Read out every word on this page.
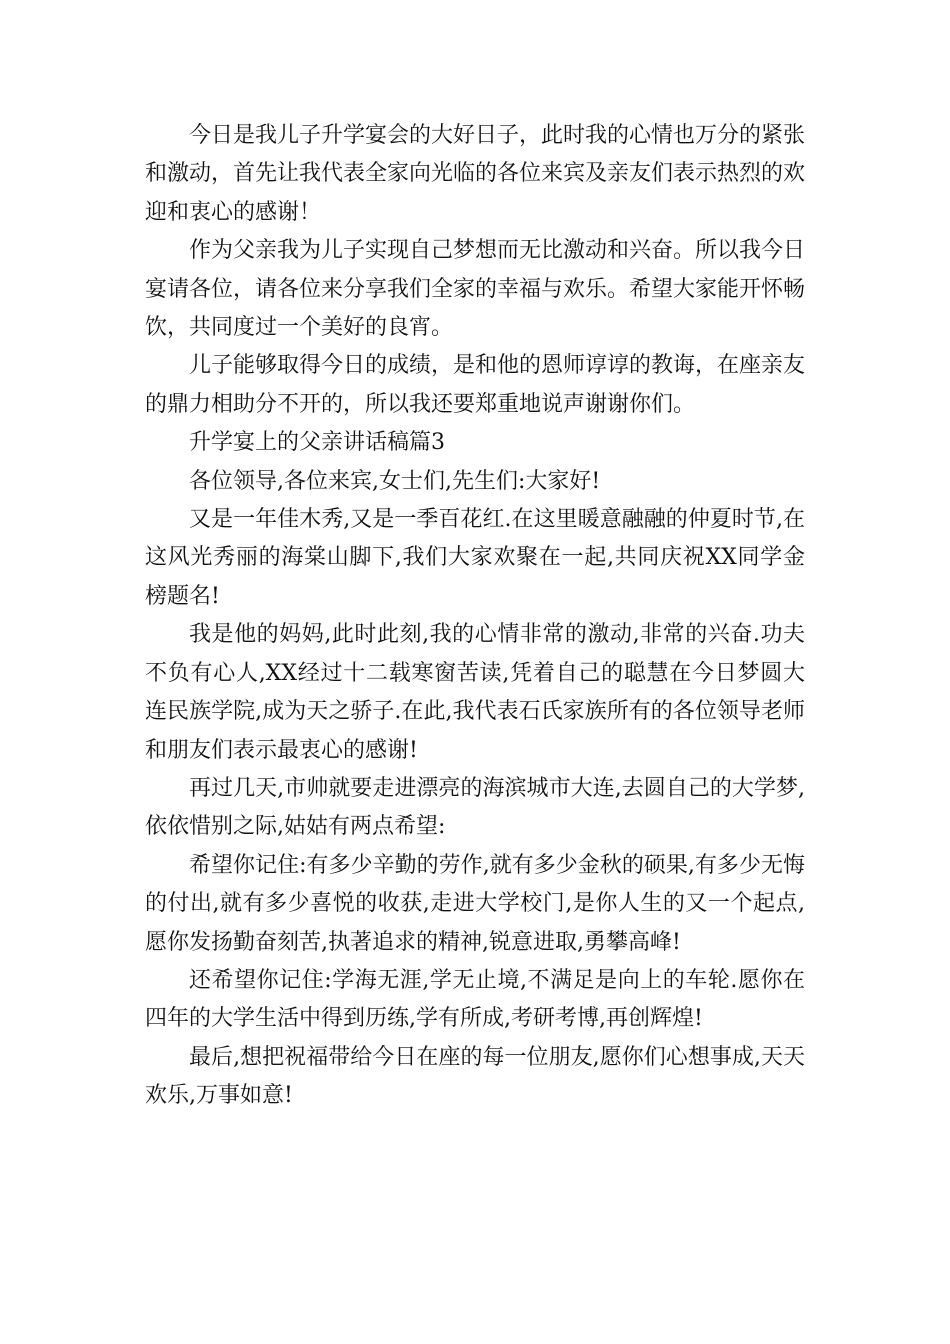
今日是我儿子升学宴会的大好日子，此时我的心情也万分的紧张和激动，首先让我代表全家向光临的各位来宾及亲友们表示热烈的欢迎和衷心的感谢！

作为父亲我为儿子实现自己梦想而无比激动和兴奋。所以我今日宴请各位，请各位来分享我们全家的幸福与欢乐。希望大家能开怀畅饮，共同度过一个美好的良宵。

儿子能够取得今日的成绩，是和他的恩师谆谆的教诲，在座亲友的鼎力相助分不开的，所以我还要郑重地说声谢谢你们。

升学宴上的父亲讲话稿篇3

各位领导,各位来宾,女士们,先生们:大家好!

又是一年佳木秀,又是一季百花红.在这里暖意融融的仲夏时节,在这风光秀丽的海棠山脚下,我们大家欢聚在一起,共同庆祝XX同学金榜题名!

我是他的妈妈,此时此刻,我的心情非常的激动,非常的兴奋.功夫不负有心人,XX经过十二载寒窗苦读,凭着自己的聪慧在今日梦圆大连民族学院,成为天之骄子.在此,我代表石氏家族所有的各位领导老师和朋友们表示最衷心的感谢!

再过几天,市帅就要走进漂亮的海滨城市大连,去圆自己的大学梦,依依惜别之际,姑姑有两点希望:

希望你记住:有多少辛勤的劳作,就有多少金秋的硕果,有多少无悔的付出,就有多少喜悦的收获,走进大学校门,是你人生的又一个起点,愿你发扬勤奋刻苦,执著追求的精神,锐意进取,勇攀高峰!

还希望你记住:学海无涯,学无止境,不满足是向上的车轮.愿你在四年的大学生活中得到历练,学有所成,考研考博,再创辉煌!

最后,想把祝福带给今日在座的每一位朋友,愿你们心想事成,天天欢乐,万事如意!
